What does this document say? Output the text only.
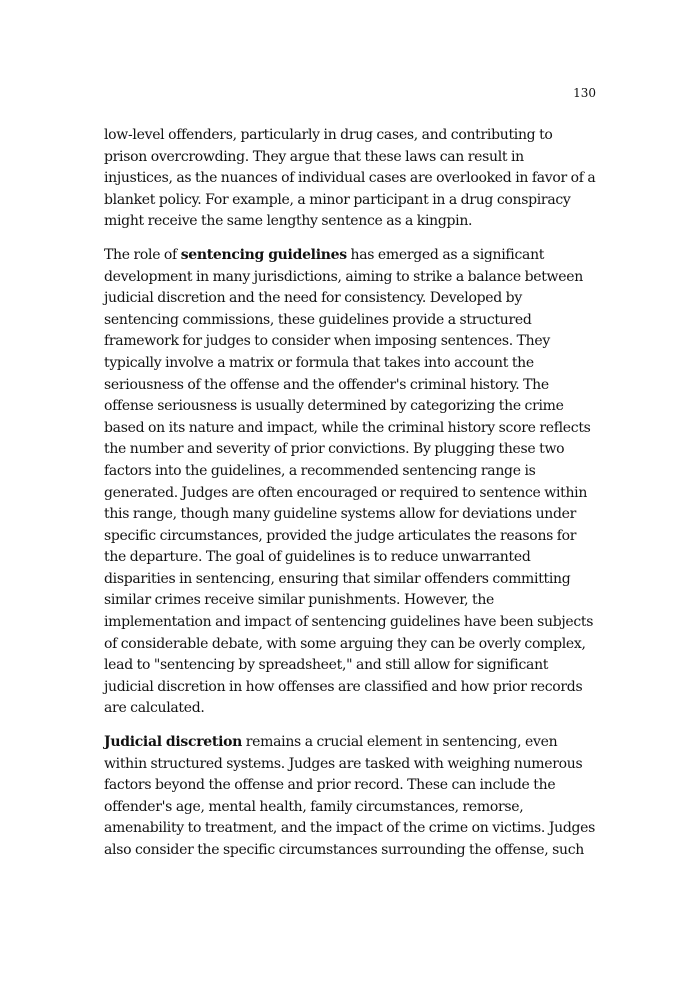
130

low-level offenders, particularly in drug cases, and contributing to prison overcrowding. They argue that these laws can result in injustices, as the nuances of individual cases are overlooked in favor of a blanket policy. For example, a minor participant in a drug conspiracy might receive the same lengthy sentence as a kingpin.

The role of sentencing guidelines has emerged as a significant development in many jurisdictions, aiming to strike a balance between judicial discretion and the need for consistency. Developed by sentencing commissions, these guidelines provide a structured framework for judges to consider when imposing sentences. They typically involve a matrix or formula that takes into account the seriousness of the offense and the offender's criminal history. The offense seriousness is usually determined by categorizing the crime based on its nature and impact, while the criminal history score reflects the number and severity of prior convictions. By plugging these two factors into the guidelines, a recommended sentencing range is generated. Judges are often encouraged or required to sentence within this range, though many guideline systems allow for deviations under specific circumstances, provided the judge articulates the reasons for the departure. The goal of guidelines is to reduce unwarranted disparities in sentencing, ensuring that similar offenders committing similar crimes receive similar punishments. However, the implementation and impact of sentencing guidelines have been subjects of considerable debate, with some arguing they can be overly complex, lead to "sentencing by spreadsheet," and still allow for significant judicial discretion in how offenses are classified and how prior records are calculated.

Judicial discretion remains a crucial element in sentencing, even within structured systems. Judges are tasked with weighing numerous factors beyond the offense and prior record. These can include the offender's age, mental health, family circumstances, remorse, amenability to treatment, and the impact of the crime on victims. Judges also consider the specific circumstances surrounding the offense, such
